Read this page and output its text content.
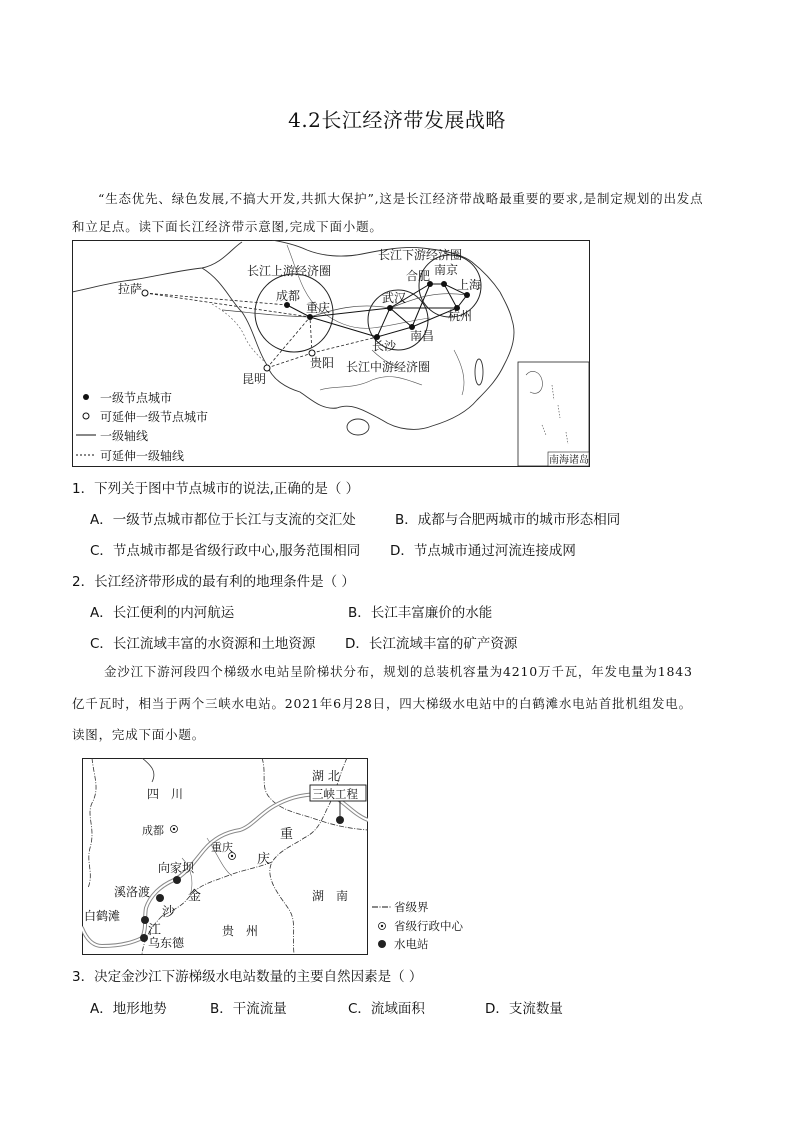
4.2长江经济带发展战略
“生态优先、绿色发展,不搞大开发,共抓大保护”,这是长江经济带战略最重要的要求,是制定规划的出发点
和立足点。读下面长江经济带示意图,完成下面小题。
长江上游经济圈
长江下游经济圈
长江中游经济圈
拉萨	成都
重庆
昆明
贵阳
武汉
长沙
南昌
合肥 南京
上海
杭州
南海诸岛
一级节点城市
可延伸一级节点城市
一级轴线
可延伸一级轴线
1．下列关于图中节点城市的说法,正确的是（ ）
A．一级节点城市都位于长江与支流的交汇处	B．成都与合肥两城市的城市形态相同
C．节点城市都是省级行政中心,服务范围相同 D．节点城市通过河流连接成网
2．长江经济带形成的最有利的地理条件是（ ）
A．长江便利的内河航运	B．长江丰富廉价的水能
C．长江流域丰富的水资源和土地资源 D．长江流域丰富的矿产资源
金沙江下游河段四个梯级水电站呈阶梯状分布，规划的总装机容量为4210万千瓦，年发电量为1843
亿千瓦时，相当于两个三峡水电站。2021年6月28日，四大梯级水电站中的白鹤滩水电站首批机组发电。
读图，完成下面小题。
四　川
湖 北
三峡工程
成都
重庆
重
庆
向家坝
溪洛渡
白鹤滩
乌东德
金
沙
江	贵　州
湖　南
省级界
省级行政中心
水电站
3．决定金沙江下游梯级水电站数量的主要自然因素是（ ）
A．地形地势	B．干流流量	C．流域面积	D．支流数量
